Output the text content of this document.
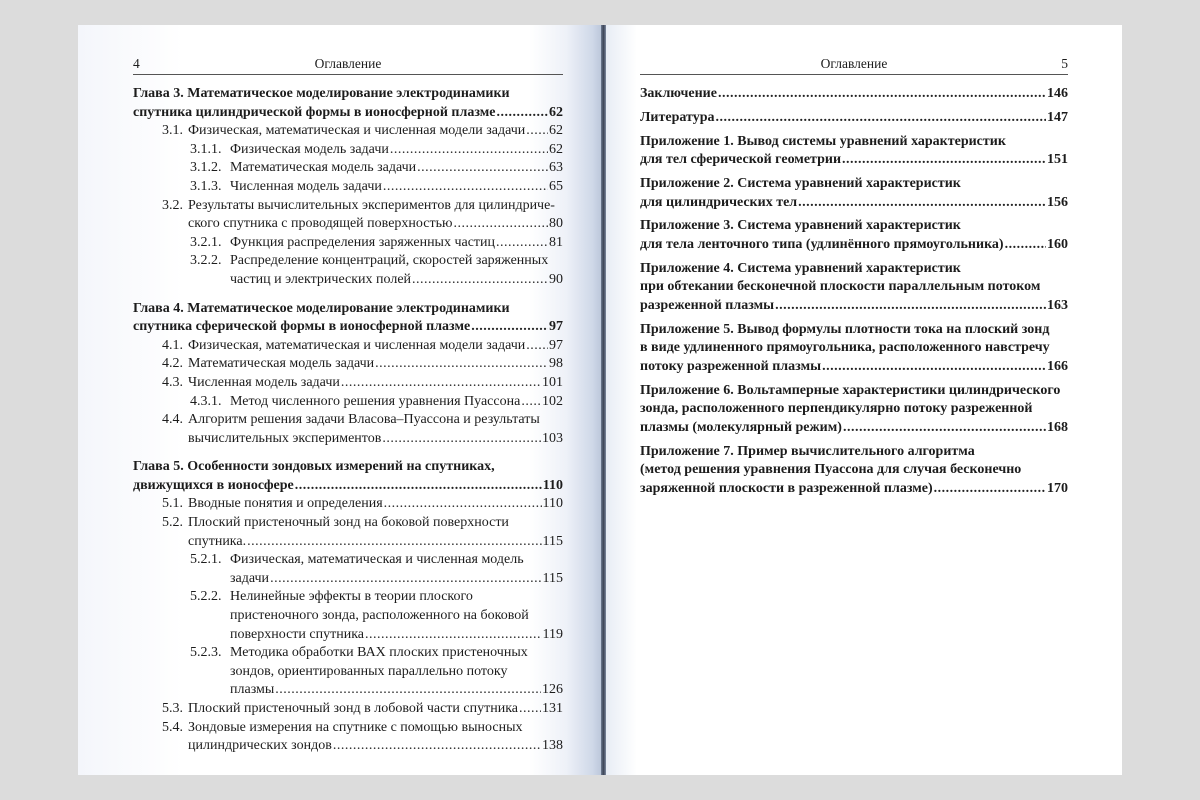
4	Оглавление
Глава 3. Математическое моделирование электродинамики
спутника цилиндрической формы в ионосферной плазме .....	62
3.1. Физическая, математическая и численная модели задачи ..... 62
3.1.1. Физическая модель задачи .....	62
3.1.2. Математическая модель задачи .....	63
3.1.3. Численная модель задачи .....	65
3.2. Результаты вычислительных экспериментов для цилиндриче-
ского спутника с проводящей поверхностью .....	80
3.2.1. Функция распределения заряженных частиц .....	81
3.2.2. Распределение концентраций, скоростей заряженных
частиц и электрических полей .....	90
Глава 4. Математическое моделирование электродинамики
спутника сферической формы в ионосферной плазме .....	97
4.1. Физическая, математическая и численная модели задачи ..... 97
4.2. Математическая модель задачи .....	98
4.3. Численная модель задачи .....	101
4.3.1. Метод численного решения уравнения Пуассона ..... 102
4.4. Алгоритм решения задачи Власова–Пуассона и результаты
вычислительных экспериментов .....	103
Глава 5. Особенности зондовых измерений на спутниках,
движущихся в ионосфере .....	110
5.1. Вводные понятия и определения .....	110
5.2. Плоский пристеночный зонд на боковой поверхности
спутника. .....	115
5.2.1. Физическая, математическая и численная модель
задачи .....	115
5.2.2. Нелинейные эффекты в теории плоского
пристеночного зонда, расположенного на боковой
поверхности спутника .....	119
5.2.3. Методика обработки ВАХ плоских пристеночных
зондов, ориентированных параллельно потоку
плазмы .....	126
5.3. Плоский пристеночный зонд в лобовой части спутника ..... 131
5.4. Зондовые измерения на спутнике с помощью выносных
цилиндрических зондов .....	138
Оглавление	5
Заключение .....	146
Литература .....	147
Приложение 1. Вывод системы уравнений характеристик
для тел сферической геометрии .....	151
Приложение 2. Система уравнений характеристик
для цилиндрических тел .....	156
Приложение 3. Система уравнений характеристик
для тела ленточного типа (удлинённого прямоугольника) .....	160
Приложение 4. Система уравнений характеристик
при обтекании бесконечной плоскости параллельным потоком
разреженной плазмы .....	163
Приложение 5. Вывод формулы плотности тока на плоский зонд
в виде удлиненного прямоугольника, расположенного навстречу
потоку разреженной плазмы .....	166
Приложение 6. Вольтамперные характеристики цилиндрического
зонда, расположенного перпендикулярно потоку разреженной
плазмы (молекулярный режим) .....	168
Приложение 7. Пример вычислительного алгоритма
(метод решения уравнения Пуассона для случая бесконечно
заряженной плоскости в разреженной плазме) .....	170
